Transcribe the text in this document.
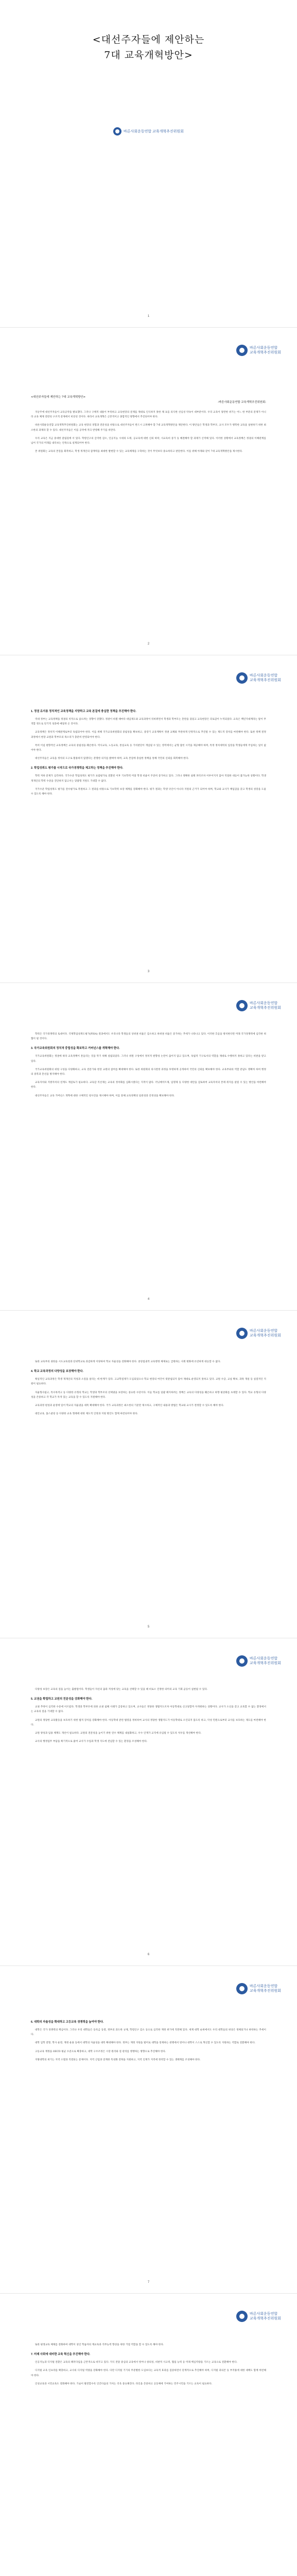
<대선주자들에 제안하는
7대 교육개혁방안>
바른사회운동연합 교육개혁추진위원회
1
바른사회운동연합 교육개혁추진위원회
<대선주자들에 제안하는 7대 교육개혁방안>
-바른사회운동연합 교육개혁추진위원회-

지난주에 대선주자들이 교육공약을 발표했다. 그러나 구체적 내용이 부족하고 교육현장의 문제를 제대로 인식하지 못한 채 표를 의식한 선심성 약속이 대부분이다. 우리 교육이 당면한 위기는 어느 한 부분의 문제가 아니라 교육 체제 전반의 구조적 문제에서 비롯된 것이다. 따라서 교육개혁은 근본적이고 종합적인 방향에서 추진되어야 한다.

바른사회운동연합 교육개혁추진위원회는 교육 현장의 경험과 전문성을 바탕으로 대선주자들이 반드시 고려해야 할 7대 교육개혁방안을 제안한다. 이 방안들은 학생과 학부모, 교사 모두가 행복한 교육을 실현하기 위한 최소한의 과제라 할 수 있다. 대선주자들은 이를 공약에 적극 반영해 주기를 바란다.

우리 교육은 지금 중대한 갈림길에 서 있다. 학령인구의 급격한 감소, 인공지능 시대의 도래, 공교육에 대한 신뢰 하락, 사교육비 증가 등 해결해야 할 과제가 산적해 있다. 이러한 상황에서 교육정책은 정권의 이해관계를 넘어 국가의 미래를 내다보는 안목으로 설계되어야 한다.

본 위원회는 교육의 본질을 회복하고, 학생 개개인의 잠재력을 최대한 발현할 수 있는 교육체제를 구축하는 것이 무엇보다 중요하다고 판단한다. 이를 위해 아래와 같이 7대 교육개혁방안을 제시한다.

2
바른사회운동연합 교육개혁추진위원회
1. 정권 유지용 정치적인 교육정책을 지양하고 교육 본질에 충실한 정책을 추진해야 한다.

역대 정부는 교육정책을 정권의 치적으로 삼으려는 경향이 강했다. 정권이 바뀔 때마다 대입제도와 교육과정이 뒤바뀌면서 학생과 학부모는 혼란을 겪었고 교육현장은 피로감이 누적되었다. 교육은 백년지대계라는 말이 무색할 정도로 단기적 성과에 매달려 온 것이다.

교육정책은 정치적 이해관계로부터 독립되어야 한다. 이를 위해 국가교육위원회의 중립성을 확보하고, 중장기 교육계획이 정권 교체와 무관하게 안정적으로 추진될 수 있는 제도적 장치를 마련해야 한다. 또한 정책 결정 과정에서 현장 교원과 학부모의 목소리가 충분히 반영되어야 한다.

특히 이념 편향적인 교육정책은 교육의 중립성을 훼손한다. 역사교육, 노동교육, 통일교육 등 가치판단이 개입될 수 있는 영역에서는 균형 잡힌 시각을 제공해야 하며, 특정 정치세력의 입장을 학생들에게 주입하는 일이 없어야 한다.

대선주자들은 교육을 정치의 도구로 활용하지 않겠다는 분명한 의지를 밝혀야 하며, 교육 본질에 충실한 정책을 통해 국민의 신뢰를 회복해야 한다.

2. 학업성취도 평가를 시작으로 국가경쟁력을 제고하는 정책을 추진해야 한다.

학력 저하 문제가 심각하다. 국가수준 학업성취도 평가가 표집평가로 전환된 이후 기초학력 미달 학생 비율이 꾸준히 증가하고 있다. 그러나 정확한 실태 파악조차 이루어지지 않아 적절한 대응이 불가능한 상황이다. 학생 개개인의 학력 수준을 진단하지 않고서는 맞춤형 지원도 기대할 수 없다.

국가수준 학업성취도 평가를 전수평가로 복원하고 그 결과를 바탕으로 기초학력 보장 체계를 강화해야 한다. 평가 결과는 학생 낙인이 아니라 지원의 근거가 되어야 하며, 학교와 교사가 책임감을 갖고 학생의 성장을 도울 수 있도록 해야 한다.

3
바른사회운동연합 교육개혁추진위원회

학력은 국가경쟁력의 토대이다. 국제학업성취도평가(PISA) 결과에서도 우리나라 학생들의 상위권 비율은 감소하고 하위권 비율은 증가하는 추세가 나타나고 있다. 이러한 흐름을 방치한다면 미래 국가경쟁력에 심각한 위협이 될 것이다.

3. 국가교육위원회의 정치적 중립성을 확보하고 거버넌스를 개혁해야 한다.

국가교육위원회는 정권에 따라 교육정책이 흔들리는 것을 막기 위해 설립되었다. 그러나 위원 구성에서 정치적 편향성 논란이 끊이지 않고 있으며, 독립적 기구로서의 역할을 제대로 수행하지 못하고 있다는 비판을 받고 있다.

국가교육위원회의 위원 구성을 다양화하고, 교육 전문가와 현장 교원의 참여를 확대해야 한다. 또한 위원회의 의사결정 과정을 투명하게 공개하여 국민의 신뢰를 확보해야 한다. 교육부와의 역할 분담도 명확히 하여 행정의 중복과 혼선을 방지해야 한다.

교육자치와 지방자치의 연계도 재검토가 필요하다. 교육감 직선제는 교육의 정치화를 심화시켰다는 지적이 많다. 러닝메이트제, 임명제 등 다양한 대안을 검토하여 교육자치의 본래 취지를 살릴 수 있는 방안을 마련해야 한다.

대선주자들은 교육 거버넌스 개혁에 대한 구체적인 청사진을 제시해야 하며, 이를 통해 교육정책의 일관성과 안정성을 확보해야 한다.

4
바른사회운동연합 교육개혁추진위원회

또한 교육부의 권한을 시도교육청과 단위학교로 과감하게 이양하여 학교 자율성을 강화해야 한다. 중앙집권적 교육행정 체제로는 급변하는 사회 변화에 유연하게 대응할 수 없다.

4. 학교 교육과정의 다양성을 보장해야 한다.

획일적인 교육과정은 학생 개개인의 적성과 소질을 살리는 데 한계가 있다. 고교학점제가 도입되었으나 학교 현장의 여건이 뒷받침되지 않아 제대로 운영되지 못하고 있다. 교원 수급, 교실 확보, 과목 개설 등 실질적인 지원이 필요하다.

자율형사립고, 특수목적고 등 다양한 유형의 학교는 학생과 학부모의 선택권을 보장하는 중요한 수단이다. 이들 학교를 일괄 폐지하려는 정책은 교육의 다양성을 훼손하고 하향 평준화를 초래할 수 있다. 학교 유형의 다양성을 존중하고 각 학교가 특색 있는 교육을 할 수 있도록 지원해야 한다.

교육과정 편성과 운영에 있어 학교의 자율권을 대폭 확대해야 한다. 국가 교육과정은 최소한의 기준만 제시하고, 구체적인 내용과 방법은 학교와 교사가 결정할 수 있도록 해야 한다.

대안교육, 홈스쿨링 등 다양한 교육 형태에 대한 제도적 인정과 지원 방안도 함께 마련되어야 한다.

5
바른사회운동연합 교육개혁추진위원회

다양성 보장은 교육의 질을 높이는 출발점이다. 학생들이 자신의 꿈과 적성에 맞는 교육을 선택할 수 있을 때 비로소 진정한 의미의 교육 기회 균등이 실현될 수 있다.

5. 교권을 확립하고 교원의 전문성을 강화해야 한다.

교권 추락이 심각한 수준에 이르렀다. 학생과 학부모에 의한 교권 침해 사례가 급증하고 있으며, 교사들은 정당한 생활지도조차 아동학대로 신고당할까 두려워하는 상황이다. 교사가 소신을 갖고 교육할 수 없는 환경에서는 교육의 질을 기대할 수 없다.

교원의 정당한 교육활동을 보호하기 위한 법적 장치를 강화해야 한다. 아동학대 관련 법령을 정비하여 교사의 정당한 생활지도가 아동학대로 오인되지 않도록 하고, 악성 민원으로부터 교사를 보호하는 제도를 마련해야 한다.

교원 양성과 임용 체계도 개선이 필요하다. 교원의 전문성을 높이기 위한 연수 체계를 내실화하고, 우수 인재가 교직에 유입될 수 있도록 처우를 개선해야 한다.

교사의 행정업무 부담을 획기적으로 줄여 교사가 수업과 학생 지도에 전념할 수 있는 환경을 조성해야 한다.

6
바른사회운동연합 교육개혁추진위원회
6. 대학의 자율성을 확대하고 고등교육 경쟁력을 높여야 한다.

대학은 국가 경쟁력의 핵심이다. 그러나 우리 대학들은 등록금 동결, 정부의 과도한 규제, 학령인구 감소 등으로 심각한 재정 위기에 직면해 있다. 세계 대학 순위에서도 우리 대학들의 위상은 정체되거나 하락하는 추세이다.

대학 입학 전형, 학사 운영, 재정 운용 등에서 대학의 자율성을 대폭 확대해야 한다. 정부는 재정 지원을 빌미로 대학을 통제하는 관행에서 벗어나 대학이 스스로 혁신할 수 있도록 지원하는 역할로 전환해야 한다.

고등교육 재정을 OECD 평균 수준으로 확충하고, 대학 구조조정은 시장 원리와 질 관리를 병행하는 방향으로 추진해야 한다.

지방대학의 위기는 지역 소멸과 직결되는 문제이다. 지역 산업과 연계한 특성화 전략을 지원하고, 지역 인재가 지역에 정착할 수 있는 생태계를 조성해야 한다.

7
바른사회운동연합 교육개혁추진위원회

또한 평생교육 체제를 강화하여 대학이 성인 학습자의 재교육과 직무능력 향상을 위한 거점 역할을 할 수 있도록 해야 한다.

7. 미래 사회에 대비한 교육 혁신을 추진해야 한다.

인공지능과 디지털 전환은 교육의 패러다임을 근본적으로 바꾸고 있다. 지식 전달 중심의 교육에서 벗어나 창의성, 비판적 사고력, 협업 능력 등 미래 핵심역량을 기르는 교육으로 전환해야 한다.

디지털 교육 인프라를 확충하고, 교사의 디지털 역량을 강화해야 한다. 다만 디지털 기기의 무분별한 도입보다는 교육적 효과를 검증하면서 단계적으로 추진해야 하며, 디지털 과의존 등 부작용에 대한 대책도 함께 마련해야 한다.

인성교육과 시민교육도 강화해야 한다. 기술이 발전할수록 인간다움의 가치는 더욱 중요해진다. 타인을 존중하고 공동체에 기여하는 민주시민을 기르는 교육이 필요하다.
